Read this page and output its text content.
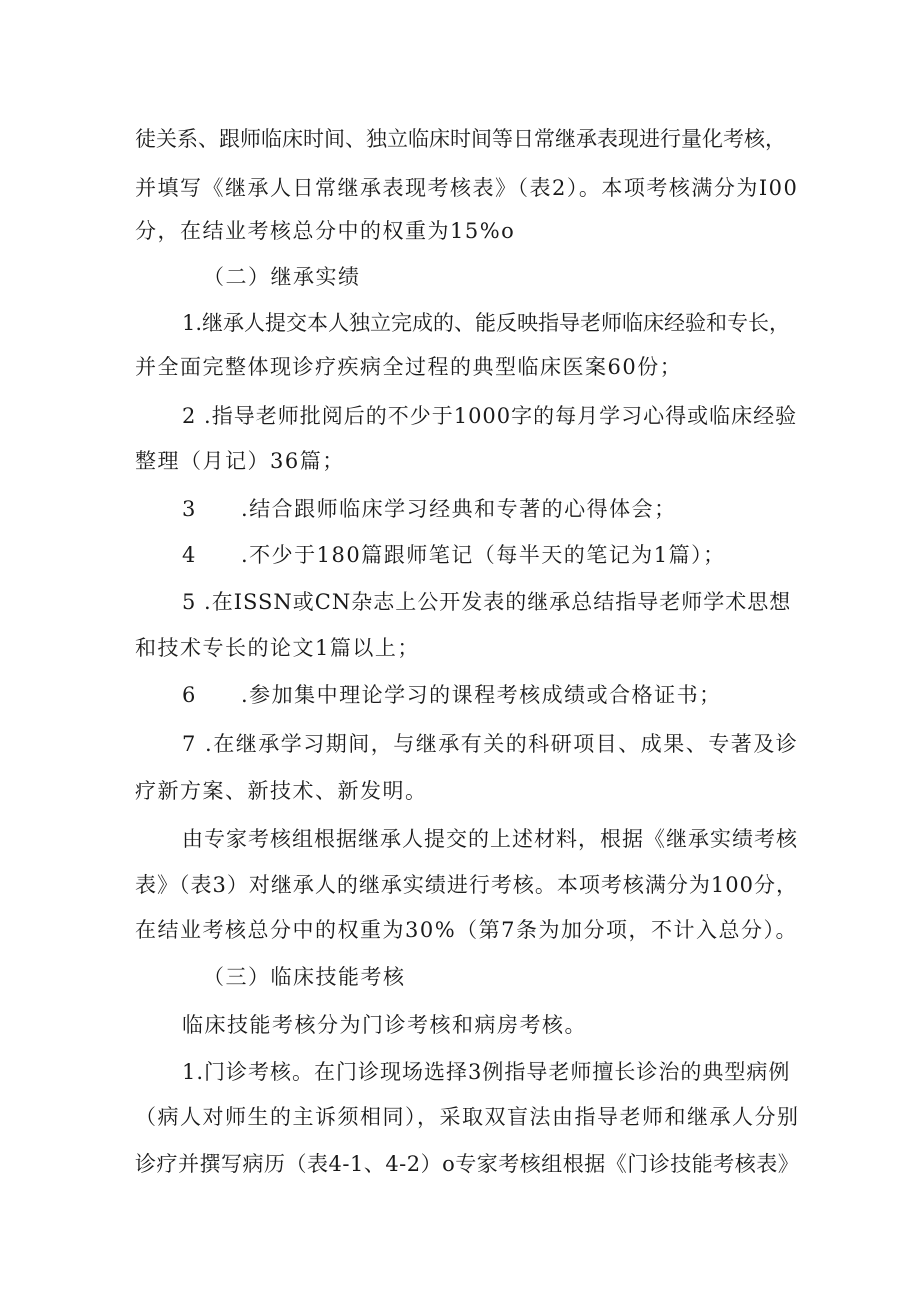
徒关系、跟师临床时间、独立临床时间等日常继承表现进行量化考核，

并填写《继承人日常继承表现考核表》（表2）。本项考核满分为I00

分，在结业考核总分中的权重为15%o

（二）继承实绩

1.继承人提交本人独立完成的、能反映指导老师临床经验和专长，

并全面完整体现诊疗疾病全过程的典型临床医案60份；

2 .指导老师批阅后的不少于1000字的每月学习心得或临床经验

整理（月记）36篇；

3 .结合跟师临床学习经典和专著的心得体会；

4 .不少于180篇跟师笔记（每半天的笔记为1篇）；

5 .在ISSN或CN杂志上公开发表的继承总结指导老师学术思想

和技术专长的论文1篇以上；

6 .参加集中理论学习的课程考核成绩或合格证书；

7 .在继承学习期间，与继承有关的科研项目、成果、专著及诊

疗新方案、新技术、新发明。

由专家考核组根据继承人提交的上述材料，根据《继承实绩考核

表》（表3）对继承人的继承实绩进行考核。本项考核满分为100分，

在结业考核总分中的权重为30%（第7条为加分项，不计入总分）。

（三）临床技能考核

临床技能考核分为门诊考核和病房考核。

1.门诊考核。在门诊现场选择3例指导老师擅长诊治的典型病例

（病人对师生的主诉须相同），采取双盲法由指导老师和继承人分别

诊疗并撰写病历（表4-1、4-2）o专家考核组根据《门诊技能考核表》
